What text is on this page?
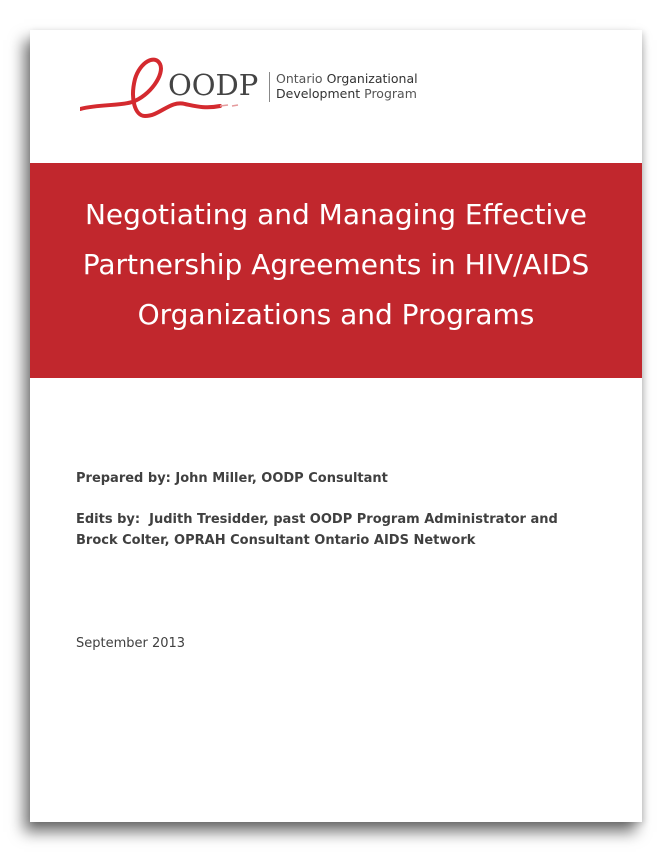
OODP Ontario Organizational
Development Program
Negotiating and Managing Effective
Partnership Agreements in HIV/AIDS
Organizations and Programs
Prepared by: John Miller, OODP Consultant
Edits by:  Judith Tresidder, past OODP Program Administrator and
Brock Colter, OPRAH Consultant Ontario AIDS Network
September 2013
